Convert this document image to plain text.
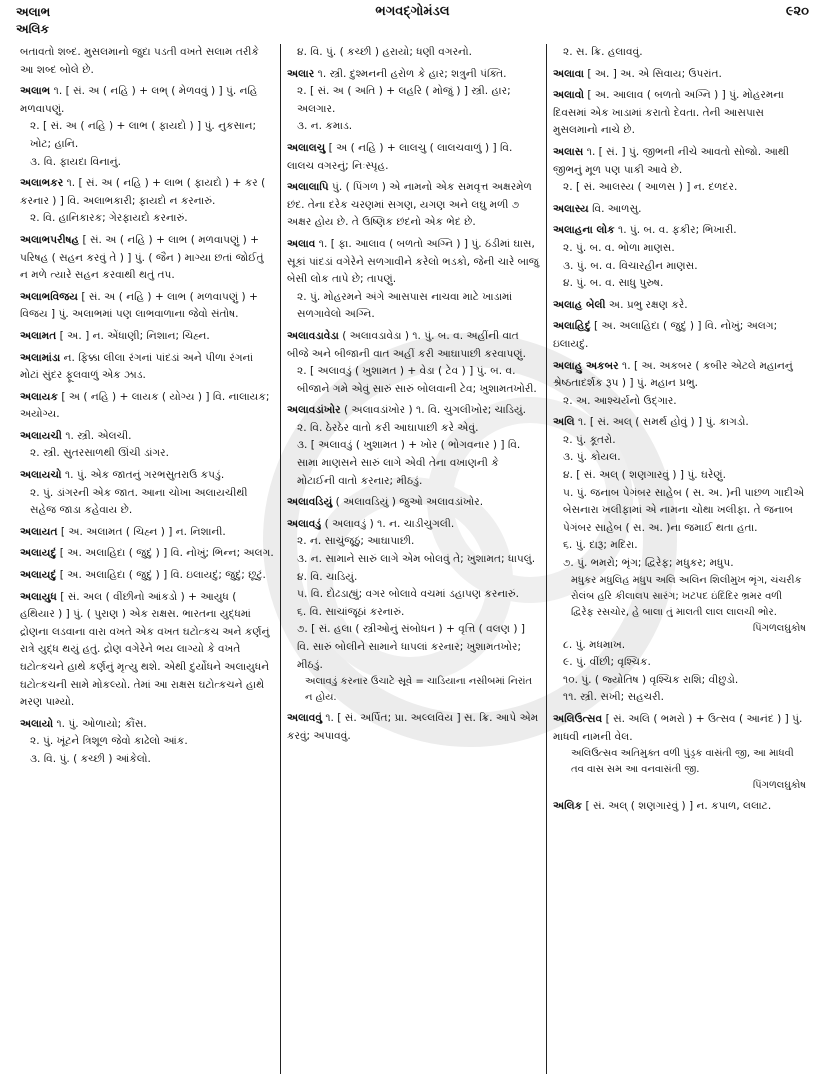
અલાભ
અલિક
ભગવદ્ગોમંડલ	૯૨૦
બતાવતો શબ્દ. મુસલમાનો જુદા પડતી વખતે સલામ તરીકે આ શબ્દ બોલે છે.
અલાભ ૧. [ સં. અ ( નહિ ) + લભ્ ( મેળવવું ) ] પું. નહિ મળવાપણું.
૨. [ સં. અ ( નહિ ) + લાભ ( ફાયદો ) ] પું. નુકસાન; ખોટ; હાનિ.
૩. વિ. ફાયદા વિનાનું.
અલાભકર ૧. [ સં. અ ( નહિ ) + લાભ ( ફાયદો ) + કર ( કરનાર ) ] વિ. અલાભકારી; ફાયદો ન કરનારું.
૨. વિ. હાનિકારક; ગેરફાયદો કરનારું.
અલાભપરીષહ [ સં. અ ( નહિ ) + લાભ ( મળવાપણું ) + પરિષહ ( સહન કરવું તે ) ] પું. ( જૈન ) માગ્યા છતાં જોઈતું ન મળે ત્યારે સહન કરવાથી થતું તપ.
અલાભવિજય [ સં. અ ( નહિ ) + લાભ ( મળવાપણું ) + વિજય ] પું. અલાભમાં પણ લાભવાળાના જેવો સંતોષ.
અલામત [ અ. ] ન. એંધાણી; નિશાન; ચિહ્ન.
અલામાંડા ન. ફિક્કા લીલા રંગનાં પાંદડાં અને પીળા રંગનાં મોટાં સુંદર ફૂલવાળું એક ઝાડ.
અલાયક [ અ ( નહિ ) + લાયક ( યોગ્ય ) ] વિ. નાલાયક; અયોગ્ય.
અલાયચી ૧. સ્ત્રી. એલચી.
૨. સ્ત્રી. સુતરસાળથી ઊંચી ડાંગર.
અલાયચો ૧. પું. એક જાતનું ગરભસુતરાઉ કપડું.
૨. પું. ડાંગરની એક જાત. આના ચોખા અલાયચીથી સહેજ જાડા કહેવાય છે.
અલાયત [ અ. અલામત ( ચિહ્ન ) ] ન. નિશાની.
અલાયદું [ અ. અલાહિદા ( જુદું ) ] વિ. નોખું; ભિન્ન; અલગ.
અલાયદું [ અ. અલાહિદા ( જુદું ) ] વિ. ઇલાયદું; જુદું; છૂટું.
અલાયુધ [ સં. અલ ( વીંછીનો આંકડો ) + આયુધ ( હથિયાર ) ] પું. ( પુરાણ ) એક રાક્ષસ. ભારતના યુદ્ધમાં દ્રોણના લડવાના વારા વખતે એક વખત ઘટોત્કચ અને કર્ણનું રાત્રે યુદ્ધ થયું હતું. દ્રોણ વગેરેને ભય લાગ્યો કે વખતે ઘટોત્કચને હાથે કર્ણનું મૃત્યુ થશે. એથી દુર્યોધને અલાયુધને ઘટોત્કચની સામે મોકલ્યો. તેમાં આ રાક્ષસ ઘટોત્કચને હાથે મરણ પામ્યો.
અલાયો ૧. પું. ઓળાયો; કૌંસ.
૨. પું. ખૂંટને ત્રિશૂળ જેવો કાઢેલો આંક.
૩. વિ. પું. ( કચ્છી ) આંકેલો.
૪. વિ. પું. ( કચ્છી ) હરાયો; ધણી વગરનો.
અલાર ૧. સ્ત્રી. દુશ્મનની હરોળ કે હાર; શત્રુની પંક્તિ.
૨. [ સં. અ ( અતિ ) + લહરિ ( મોજું ) ] સ્ત્રી. હાર; અલગાર.
૩. ન. કમાડ.
અલાલચુ [ અ ( નહિ ) + લાલચુ ( લાલચવાળું ) ] વિ. લાલચ વગરનું; નિઃસ્પૃહ.
અલાલાપિ પું. ( પિંગળ ) એ નામનો એક સમવૃત્ત અક્ષરમેળ છંદ. તેના દરેક ચરણમાં સગણ, યગણ અને લઘુ મળી ૭ અક્ષર હોય છે. તે ઉષ્ણિક છંદનો એક ભેદ છે.
અલાવ ૧. [ ફા. આલાવ ( બળતો અગ્નિ ) ] પું. ઠંડીમાં ઘાસ, સૂકાં પાંદડાં વગેરેને સળગાવીને કરેલો ભડકો, જેની ચારે બાજુ બેસી લોક તાપે છે; તાપણું.
૨. પું. મોહરમને અંગે આસપાસ નાચવા માટે ખાડામાં સળગાવેલો અગ્નિ.
અલાવડાવેડા ( અલાવડાવેડા ) ૧. પું. બ. વ. અહીંની વાત બીજે અને બીજાની વાત અહીં કરી આઘાપાછી કરવાપણું.
૨. [ અલાવડું ( ખુશામત ) + વેડા ( ટેવ ) ] પું. બ. વ. બીજાને ગમે એવું સારું સારું બોલવાની ટેવ; ખુશામતખોરી.
અલાવડાંખોર ( અલાવડાંખોર ) ૧. વિ. ચુગલીખોર; ચાડિયું.
૨. વિ. ઠેરઠેર વાતો કરી આઘાપાછી કરે એવું.
૩. [ અલાવડું ( ખુશામત ) + ખોર ( ભોગવનાર ) ] વિ. સામા માણસને સારું લાગે એવી તેના વખાણની કે મોટાઈની વાતો કરનાર; મીઠડું.
અલાવડિયું ( અલાવડિયું ) જુઓ અલાવડાંખોર.
અલાવડું ( અલાવડું ) ૧. ન. ચાડીચુગલી.
૨. ન. સાચુંજૂઠું; આઘાપાછી.
૩. ન. સામાને સારું લાગે એમ બોલવું તે; ખુશામત; ધાપલું.
૪. વિ. ચાડિયું.
૫. વિ. દોઢડાહ્યું; વગર બોલાવે વચમાં ડહાપણ કરનારું.
૬. વિ. સાચાંજૂઠાં કરનારું.
૭. [ સં. હલા ( સ્ત્રીઓનું સંબોધન ) + વૃત્તિ ( વલણ ) ] વિ. સારું બોલીને સામાને ધાપલાં કરનાર; ખુશામતખોર; મીઠડું.
અલાવડું કરનાર ઉચાટે સૂવે = ચાડિયાના નસીબમાં નિરાંત ન હોય.
અલાવવું ૧. [ સં. અર્પિત; પ્રા. અલ્લવિય ] સ. ક્રિ. આપે એમ કરવું; અપાવવું.
૨. સ. ક્રિ. હલાવવું.
અલાવા [ અ. ] અ. એ સિવાય; ઉપરાંત.
અલાવો [ અ. આલાવ ( બળતો અગ્નિ ) ] પું. મોહરમના દિવસમાં એક ખાડામાં કરાતો દેવતા. તેની આસપાસ મુસલમાનો નાચે છે.
અલાસ ૧. [ સં. ] પું. જીભની નીચે આવતો સોજો. આથી જીભનું મૂળ પણ પાકી આવે છે.
૨. [ સં. આલસ્ય ( આળસ ) ] ન. દળદર.
અલાસ્ય વિ. આળસુ.
અલાહના લોક ૧. પું. બ. વ. ફકીર; ભિખારી.
૨. પું. બ. વ. ભોળા માણસ.
૩. પું. બ. વ. વિચારહીન માણસ.
૪. પું. બ. વ. સાધુ પુરુષ.
અલાહ બેલી અ. પ્રભુ રક્ષણ કરે.
અલાહિદું [ અ. અલાહિદા ( જુદું ) ] વિ. નોખું; અલગ; ઇલાયદું.
અલાહુ અકબર ૧. [ અ. અકબર ( કબીર એટલે મહાનનું શ્રેષ્ઠતાદર્શક રૂપ ) ] પું. મહાન પ્રભુ.
૨. અ. આશ્ચર્યનો ઉદ્ગાર.
અલિ ૧. [ સં. અલ્ ( સમર્થ હોવું ) ] પું. કાગડો.
૨. પું. કૂતરો.
૩. પું. કોયલ.
૪. [ સં. અલ્ ( શણગારવું ) ] પું. ઘરેણું.
૫. પું. જનાબ પેગંબર સાહેબ ( સ. અ. )ની પાછળ ગાદીએ બેસનારા ખલીફામાં એ નામના ચોથા ખલીફા. તે જનાબ પેગંબર સાહેબ ( સ. અ. )ના જમાઈ થતા હતા.
૬. પું. દારૂ; મદિરા.
૭. પું. ભમરો; ભૃંગ; દ્વિરેફ; મધુકર; મધુપ.
મધુકર મધુલિહ મધુપ અલિ અલિન શિલીમુખ ભૃંગ, ચંચરીક રોલંબ હરિ કીલાલપ સારંગ; ખટપદ ઇંદિંદિર ભ્રમર વળી દ્વિરેફ રસચોર, હે બાલા તું માલતી લાલ લાલચી ભોર.
પિંગળલઘુકોષ
૮. પું. મધમાખ.
૯. પું. વીંછી; વૃશ્ચિક.
૧૦. પું. ( જ્યોતિષ ) વૃશ્ચિક રાશિ; વીછુડો.
૧૧. સ્ત્રી. સખી; સહચરી.
અલિઉત્સવ [ સં. અલિ ( ભમરો ) + ઉત્સવ ( આનંદ ) ] પું. માધવી નામની વેલ.
અલિઉત્સવ અતિમુક્ત વળી પુંડ્રક વાસંતી જી, આ માધવી તવ વાસ સમ આ વનવાસંતી જી.
પિંગળલઘુકોષ
અલિક [ સં. અલ્ ( શણગારવું ) ] ન. કપાળ, લલાટ.
